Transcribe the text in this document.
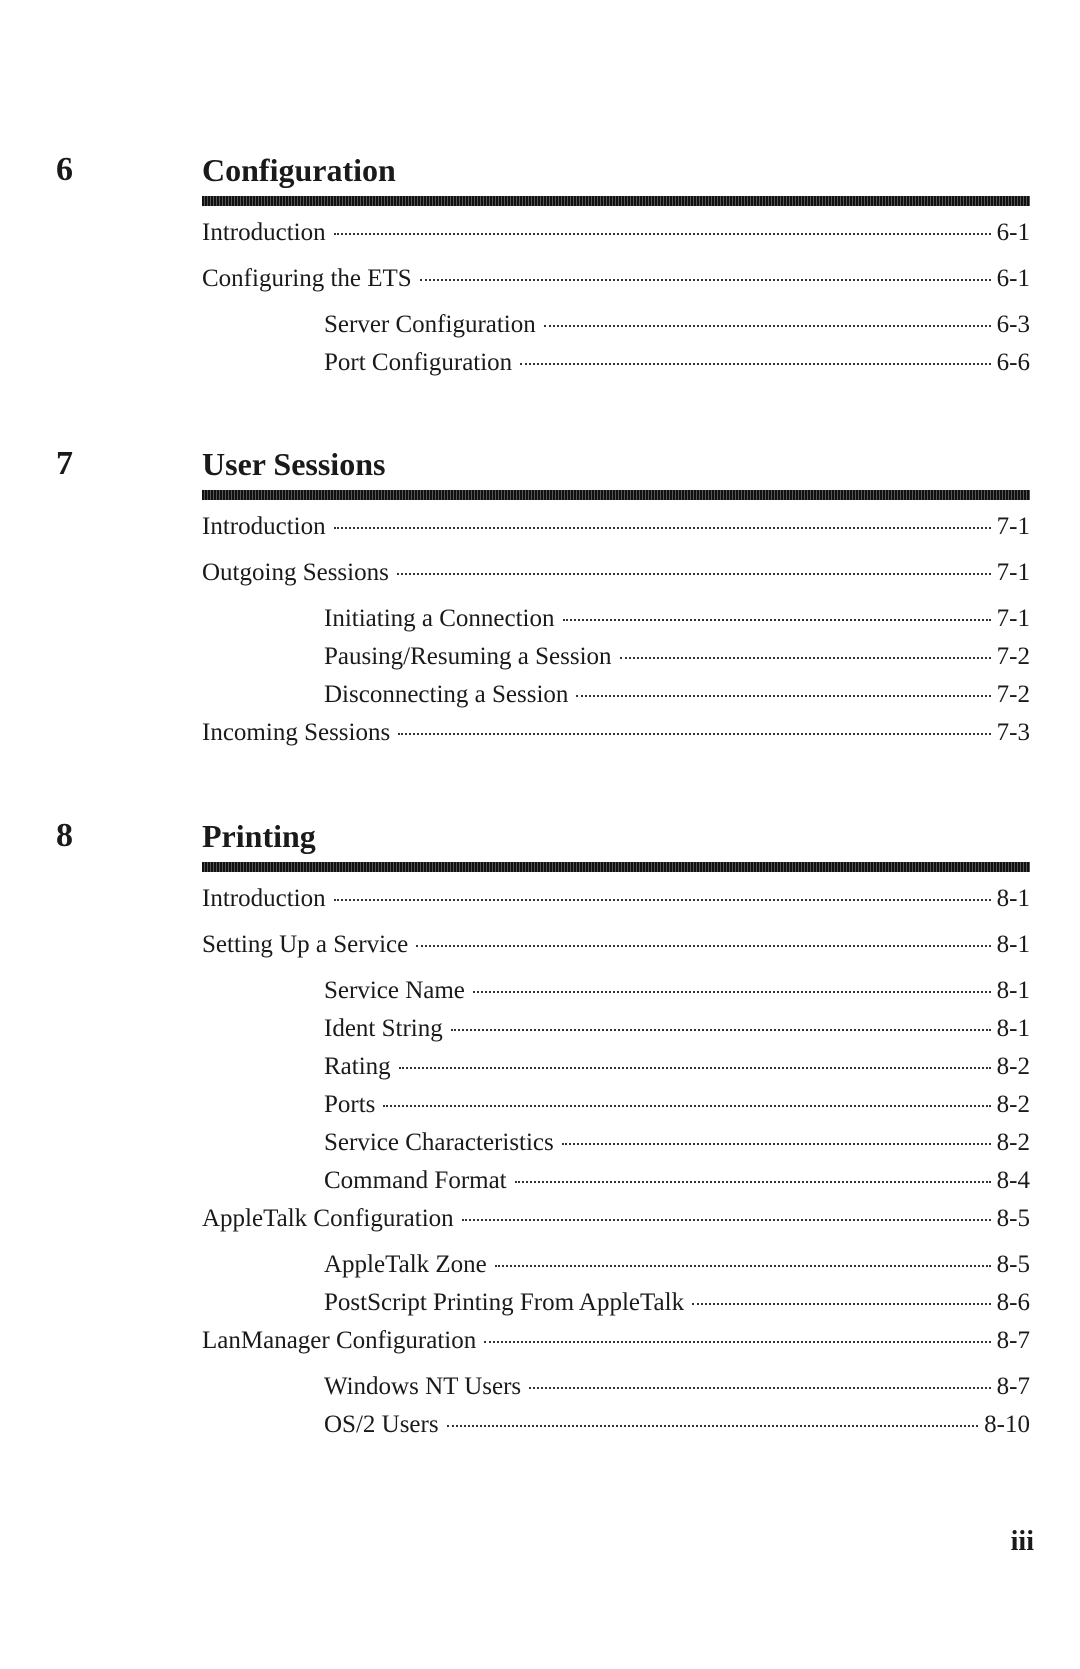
6	Configuration
Introduction	6-1
Configuring the ETS	6-1
Server Configuration	6-3
Port Configuration	6-6
7	User Sessions
Introduction	7-1
Outgoing Sessions	7-1
Initiating a Connection	7-1
Pausing/Resuming a Session	7-2
Disconnecting a Session	7-2
Incoming Sessions	7-3
8	Printing
Introduction	8-1
Setting Up a Service	8-1
Service Name	8-1
Ident String	8-1
Rating	8-2
Ports	8-2
Service Characteristics	8-2
Command Format	8-4
AppleTalk Configuration	8-5
AppleTalk Zone	8-5
PostScript Printing From AppleTalk	8-6
LanManager Configuration	8-7
Windows NT Users	8-7
OS/2 Users	8-10
iii
